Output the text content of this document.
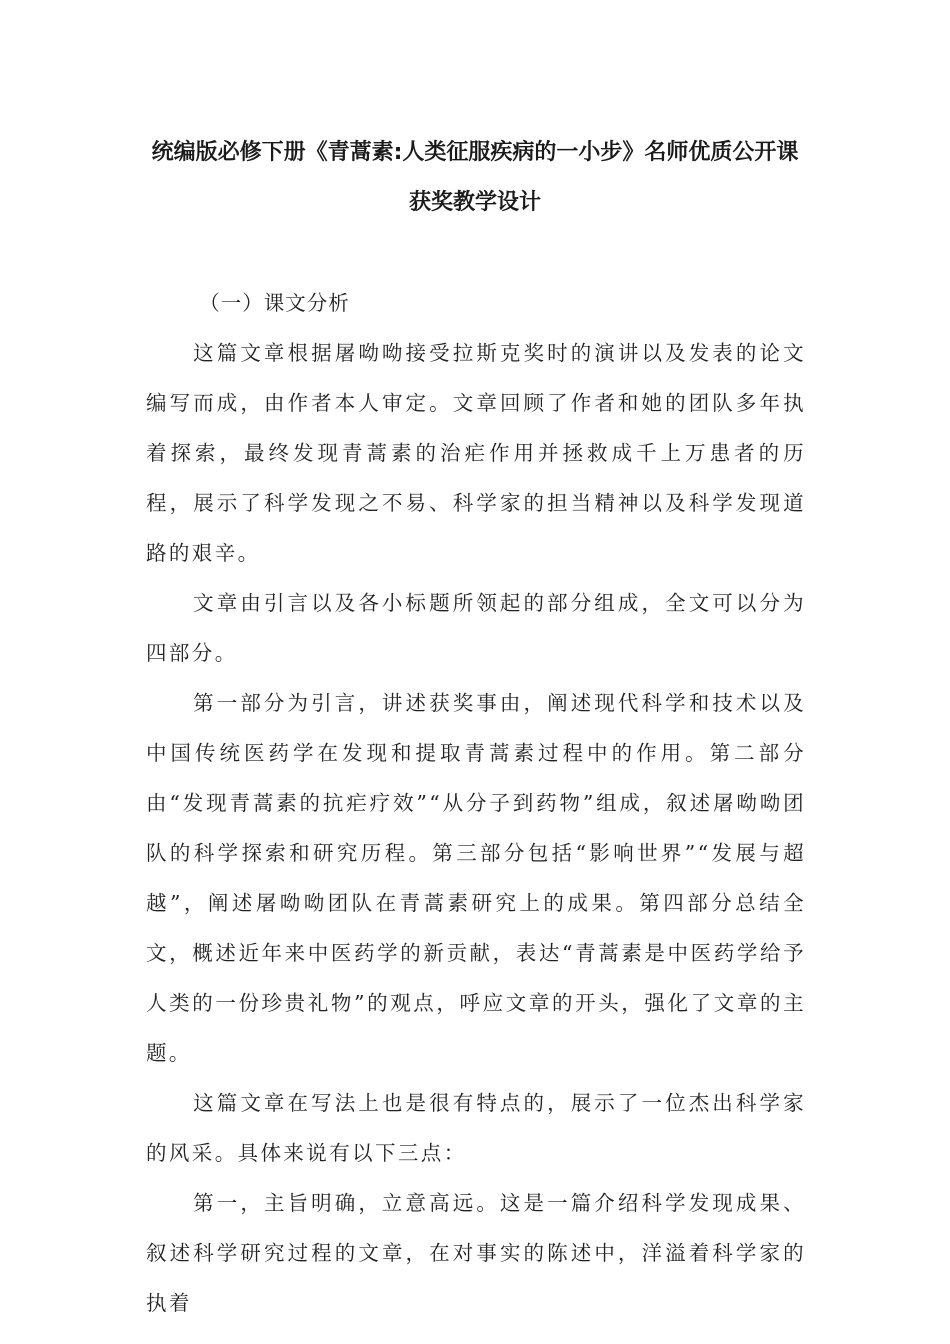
统编版必修下册《青蒿素:人类征服疾病的一小步》名师优质公开课
获奖教学设计

（一）课文分析

这篇文章根据屠呦呦接受拉斯克奖时的演讲以及发表的论文编写而成，由作者本人审定。文章回顾了作者和她的团队多年执着探索，最终发现青蒿素的治疟作用并拯救成千上万患者的历程，展示了科学发现之不易、科学家的担当精神以及科学发现道路的艰辛。

文章由引言以及各小标题所领起的部分组成，全文可以分为四部分。

第一部分为引言，讲述获奖事由，阐述现代科学和技术以及中国传统医药学在发现和提取青蒿素过程中的作用。第二部分由“发现青蒿素的抗疟疗效”“从分子到药物”组成，叙述屠呦呦团队的科学探索和研究历程。第三部分包括“影响世界”“发展与超越”，阐述屠呦呦团队在青蒿素研究上的成果。第四部分总结全文，概述近年来中医药学的新贡献，表达“青蒿素是中医药学给予人类的一份珍贵礼物”的观点，呼应文章的开头，强化了文章的主题。

这篇文章在写法上也是很有特点的，展示了一位杰出科学家的风采。具体来说有以下三点：

第一，主旨明确，立意高远。这是一篇介绍科学发现成果、叙述科学研究过程的文章，在对事实的陈述中，洋溢着科学家的执着
